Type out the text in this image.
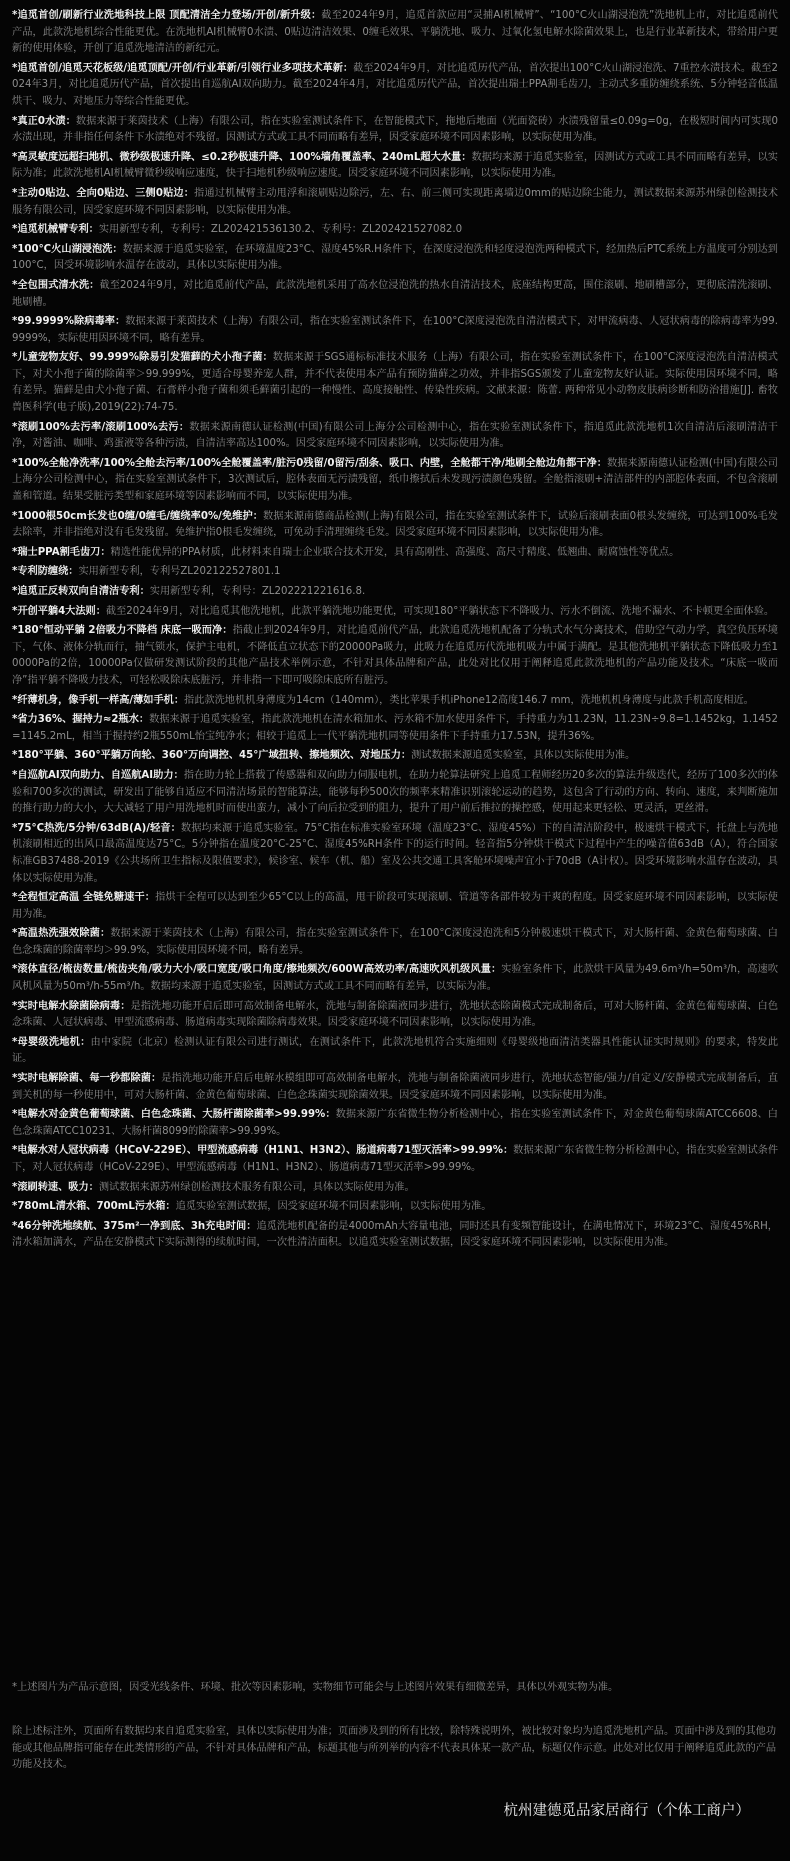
*追觅首创/刷新行业洗地科技上限 顶配清洁全力登场/开创/新升级：截至2024年9月，追觅首款应用“灵捕AI机械臂”、“100°C火山湖浸泡洗”洗地机上市，对比追觅前代产品，此款洗地机综合性能更优。在洗地机AI机械臂0水渍、0贴边清洁效果、0缠毛效果、平躺洗地、吸力、过氧化氢电解水除菌效果上，也是行业革新技术，带给用户更新的使用体验，开创了追觅洗地清洁的新纪元。

*追觅首创/追觅天花板级/追觅顶配/开创/行业革新/引领行业多项技术革新：截至2024年9月，对比追觅历代产品，首次提出100°C火山湖浸泡洗、7重控水渍技术。截至2024年3月，对比追觅历代产品，首次提出自巡航AI双向助力。截至2024年4月，对比追觅历代产品，首次提出瑞士PPA割毛齿刀，主动式多重防缠绕系统、5分钟轻音低温烘干、吸力、对地压力等综合性能更优。

*真正0水渍：数据来源于莱茵技术（上海）有限公司，指在实验室测试条件下，在智能模式下，拖地后地面（光面瓷砖）水渍残留量≤0.09g=0g，在极短时间内可实现0水渍出现，并非指任何条件下水渍绝对不残留。因测试方式或工具不同而略有差异，因受家庭环境不同因素影响，以实际使用为准。

*高灵敏度远超扫地机、微秒级极速升降、≤0.2秒极速升降、100%墙角覆盖率、240mL超大水量：数据均来源于追觅实验室，因测试方式或工具不同而略有差异，以实际为准；此款洗地机AI机械臂微秒级响应速度，快于扫地机秒级响应速度。因受家庭环境不同因素影响，以实际使用为准。

*主动0贴边、全向0贴边、三侧0贴边：指通过机械臂主动甩浮和滚刷贴边除污，左、右、前三侧可实现距离墙边0mm的贴边除尘能力，测试数据来源苏州绿创检测技术服务有限公司，因受家庭环境不同因素影响，以实际使用为准。

*追觅机械臂专利：实用新型专利，专利号：ZL202421536130.2、专利号：ZL202421527082.0

*100°C火山湖浸泡洗：数据来源于追觅实验室，在环境温度23°C、湿度45%R.H条件下，在深度浸泡洗和轻度浸泡洗两种模式下，经加热后PTC系统上方温度可分别达到100°C，因受环境影响水温存在波动，具体以实际使用为准。

*全包围式清水洗：截至2024年9月，对比追觅前代产品，此款洗地机采用了高水位浸泡洗的热水自清洁技术，底座结构更高，围住滚刷、地刷槽部分，更彻底清洗滚刷、地刷槽。

*99.9999%除病毒率：数据来源于莱茵技术（上海）有限公司，指在实验室测试条件下，在100°C深度浸泡洗自清洁模式下，对甲流病毒、人冠状病毒的除病毒率为99.9999%，实际使用因环境不同，略有差异。

*儿童宠物友好、99.999%除易引发猫藓的犬小孢子菌：数据来源于SGS通标标准技术服务（上海）有限公司，指在实验室测试条件下，在100°C深度浸泡洗自清洁模式下，对犬小孢子菌的除菌率＞99.999%，更适合母婴养宠人群，并不代表使用本产品有预防猫藓之功效，并非指SGS颁发了儿童宠物友好认证。实际使用因环境不同，略有差异。猫藓是由犬小孢子菌、石膏样小孢子菌和须毛藓菌引起的一种慢性、高度接触性、传染性疾病。文献来源：陈蕾. 两种常见小动物皮肤病诊断和防治措施[J]. 畜牧兽医科学(电子版),2019(22):74-75.

*滚刷100%去污率/滚刷100%去污：数据来源南德认证检测(中国)有限公司上海分公司检测中心，指在实验室测试条件下，指追觅此款洗地机1次自清洁后滚刷清洁干净，对酱油、咖啡、鸡蛋液等各种污渍，自清洁率高达100%。因受家庭环境不同因素影响，以实际使用为准。

*100%全舱净洗率/100%全舱去污率/100%全舱覆盖率/脏污0残留/0留污/刮条、吸口、内壁，全舱都干净/地刷全舱边角都干净：数据来源南德认证检测(中国)有限公司上海分公司检测中心，指在实验室测试条件下，3次测试后，腔体表面无污渍残留，纸巾擦拭后未发现污渍颜色残留。全舱指滚刷+清洁部件的内部腔体表面，不包含滚刷盖和管道。结果受脏污类型和家庭环境等因素影响而不同，以实际使用为准。

*1000根50cm长发也0缠/0缠毛/缠绕率0%/免维护：数据来源南德商品检测(上海)有限公司，指在实验室测试条件下，试验后滚刷表面0根头发缠绕，可达到100%毛发去除率，并非指绝对没有毛发残留。免维护指0根毛发缠绕，可免动手清理缠绕毛发。因受家庭环境不同因素影响，以实际使用为准。

*瑞士PPA割毛齿刀：精选性能优异的PPA材质，此材料来自瑞士企业联合技术开发，具有高刚性、高强度、高尺寸精度、低翘曲、耐腐蚀性等优点。

*专利防缠绕：实用新型专利，专利号ZL202122527801.1

*追觅正反转双向自清洁专利：实用新型专利，专利号：ZL202221221616.8.

*开创平躺4大法则：截至2024年9月，对比追觅其他洗地机，此款平躺洗地功能更优，可实现180°平躺状态下不降吸力、污水不倒流、洗地不漏水、不卡顿更全面体验。

*180°恒动平躺 2倍吸力不降档 床底一吸而净：指截止到2024年9月，对比追觅前代产品，此款追觅洗地机配备了分轨式水气分离技术，借助空气动力学，真空负压环境下，气体、液体分轨而行，抽气锁水，保护主电机，不降低直立状态下的20000Pa吸力，此吸力在追觅历代洗地机吸力中属于满配。是其他洗地机平躺状态下降低吸力至10000Pa的2倍，10000Pa仅做研发测试阶段的其他产品技术举例示意，不针对具体品牌和产品，此处对比仅用于阐释追觅此款洗地机的产品功能及技术。“床底一吸而净”指平躺不降吸力技术，可轻松吸除床底脏污，并非指一下即可吸除床底所有脏污。

*纤薄机身，像手机一样高/薄如手机：指此款洗地机机身薄度为14cm（140mm），类比苹果手机iPhone12高度146.7 mm，洗地机机身薄度与此款手机高度相近。

*省力36%、握持力≈2瓶水：数据来源于追觅实验室，指此款洗地机在清水箱加水、污水箱不加水使用条件下，手持重力为11.23N，11.23N÷9.8=1.1452kg，1.1452=1145.2mL，相当于握持约2瓶550mL怡宝纯净水；相较于追觅上一代平躺洗地机同等使用条件下手持重力17.53N，提升36%。

*180°平躺、360°平躺万向轮、360°万向调控、45°广域扭转、擦地频次、对地压力：测试数据来源追觅实验室，具体以实际使用为准。

*自巡航AI双向助力、自巡航AI助力：指在助力轮上搭载了传感器和双向助力伺服电机，在助力轮算法研究上追觅工程师经历20多次的算法升级迭代，经历了100多次的体验和700多次的测试，研发出了能够自适应不同清洁场景的智能算法，能够每秒500次的频率来精准识别滚轮运动的趋势，这包含了行动的方向、转向、速度，来判断施加的推行助力的大小，大大减轻了用户用洗地机时而使出蛮力，减小了向后拉受到的阻力，提升了用户前后推拉的操控感，使用起来更轻松、更灵活，更丝滑。

*75°C热洗/5分钟/63dB(A)/轻音：数据均来源于追觅实验室。75°C指在标准实验室环境（温度23°C、湿度45%）下的自清洁阶段中，极速烘干模式下，托盘上与洗地机滚刷相近的出风口最高温度达75°C。5分钟指在温度20°C-25°C、湿度45%RH条件下的运行时间。轻音指5分钟烘干模式下过程中产生的噪音值63dB（A），符合国家标准GB37488-2019《公共场所卫生指标及限值要求》，候诊室、候车（机、船）室及公共交通工具客舱环境噪声宜小于70dB（A计权）。因受环境影响水温存在波动，具体以实际使用为准。

*全程恒定高温 全链免糖速干：指烘干全程可以达到至少65°C以上的高温，甩干阶段可实现滚刷、管道等各部件较为干爽的程度。因受家庭环境不同因素影响，以实际使用为准。

*高温热洗强效除菌：数据来源于莱茵技术（上海）有限公司，指在实验室测试条件下，在100°C深度浸泡洗和5分钟极速烘干模式下，对大肠杆菌、金黄色葡萄球菌、白色念珠菌的除菌率均＞99.9%，实际使用因环境不同，略有差异。

*滚体直径/梳齿数量/梳齿夹角/吸力大小/吸口宽度/吸口角度/擦地频次/600W高效功率/高速吹风机级风量：实验室条件下，此款烘干风量为49.6m³/h=50m³/h，高速吹风机风量为50m³/h-55m³/h。数据均来源于追觅实验室，因测试方式或工具不同而略有差异，以实际为准。

*实时电解水除菌除病毒：是指洗地功能开启后即可高效制备电解水，洗地与制备除菌液同步进行，洗地状态除菌模式完成制备后，可对大肠杆菌、金黄色葡萄球菌、白色念珠菌、人冠状病毒、甲型流感病毒、肠道病毒实现除菌除病毒效果。因受家庭环境不同因素影响，以实际使用为准。

*母婴级洗地机：由中家院（北京）检测认证有限公司进行测试，在测试条件下，此款洗地机符合实施细则《母婴级地面清洁类器具性能认证实时规则》的要求，特发此证。

*实时电解除菌、每一秒都除菌：是指洗地功能开启后电解水模组即可高效制备电解水，洗地与制备除菌液同步进行，洗地状态智能/强力/自定义/安静模式完成制备后，直到关机的每一秒使用中，可对大肠杆菌、金黄色葡萄球菌、白色念珠菌实现除菌效果。因受家庭环境不同因素影响，以实际使用为准。

*电解水对金黄色葡萄球菌、白色念珠菌、大肠杆菌除菌率>99.99%：数据来源广东省微生物分析检测中心，指在实验室测试条件下，对金黄色葡萄球菌ATCC6608、白色念珠菌ATCC10231、大肠杆菌8099的除菌率>99.99%。

*电解水对人冠状病毒（HCoV-229E）、甲型流感病毒（H1N1、H3N2）、肠道病毒71型灭活率>99.99%：数据来源广东省微生物分析检测中心，指在实验室测试条件下，对人冠状病毒（HCoV-229E）、甲型流感病毒（H1N1、H3N2）、肠道病毒71型灭活率>99.99%。

*滚刷转速、吸力：测试数据来源苏州绿创检测技术服务有限公司，具体以实际使用为准。

*780mL清水箱、700mL污水箱：追觅实验室测试数据，因受家庭环境不同因素影响，以实际使用为准。

*46分钟洗地续航、375m²一净到底、3h充电时间：追觅洗地机配备的是4000mAh大容量电池，同时还具有变频智能设计，在满电情况下，环境23°C、湿度45%RH，清水箱加满水，产品在安静模式下实际测得的续航时间，一次性清洁面积。以追觅实验室测试数据，因受家庭环境不同因素影响，以实际使用为准。

*上述图片为产品示意图，因受光线条件、环境、批次等因素影响，实物细节可能会与上述图片效果有细微差异，具体以外观实物为准。

除上述标注外，页面所有数据均来自追觅实验室，具体以实际使用为准；页面涉及到的所有比较，除特殊说明外，被比较对象均为追觅洗地机产品。页面中涉及到的其他功能或其他品牌指可能存在此类情形的产品，不针对具体品牌和产品，标题其他与所列举的内容不代表具体某一款产品，标题仅作示意。此处对比仅用于阐释追觅此款的产品功能及技术。

杭州建德觅品家居商行（个体工商户）
